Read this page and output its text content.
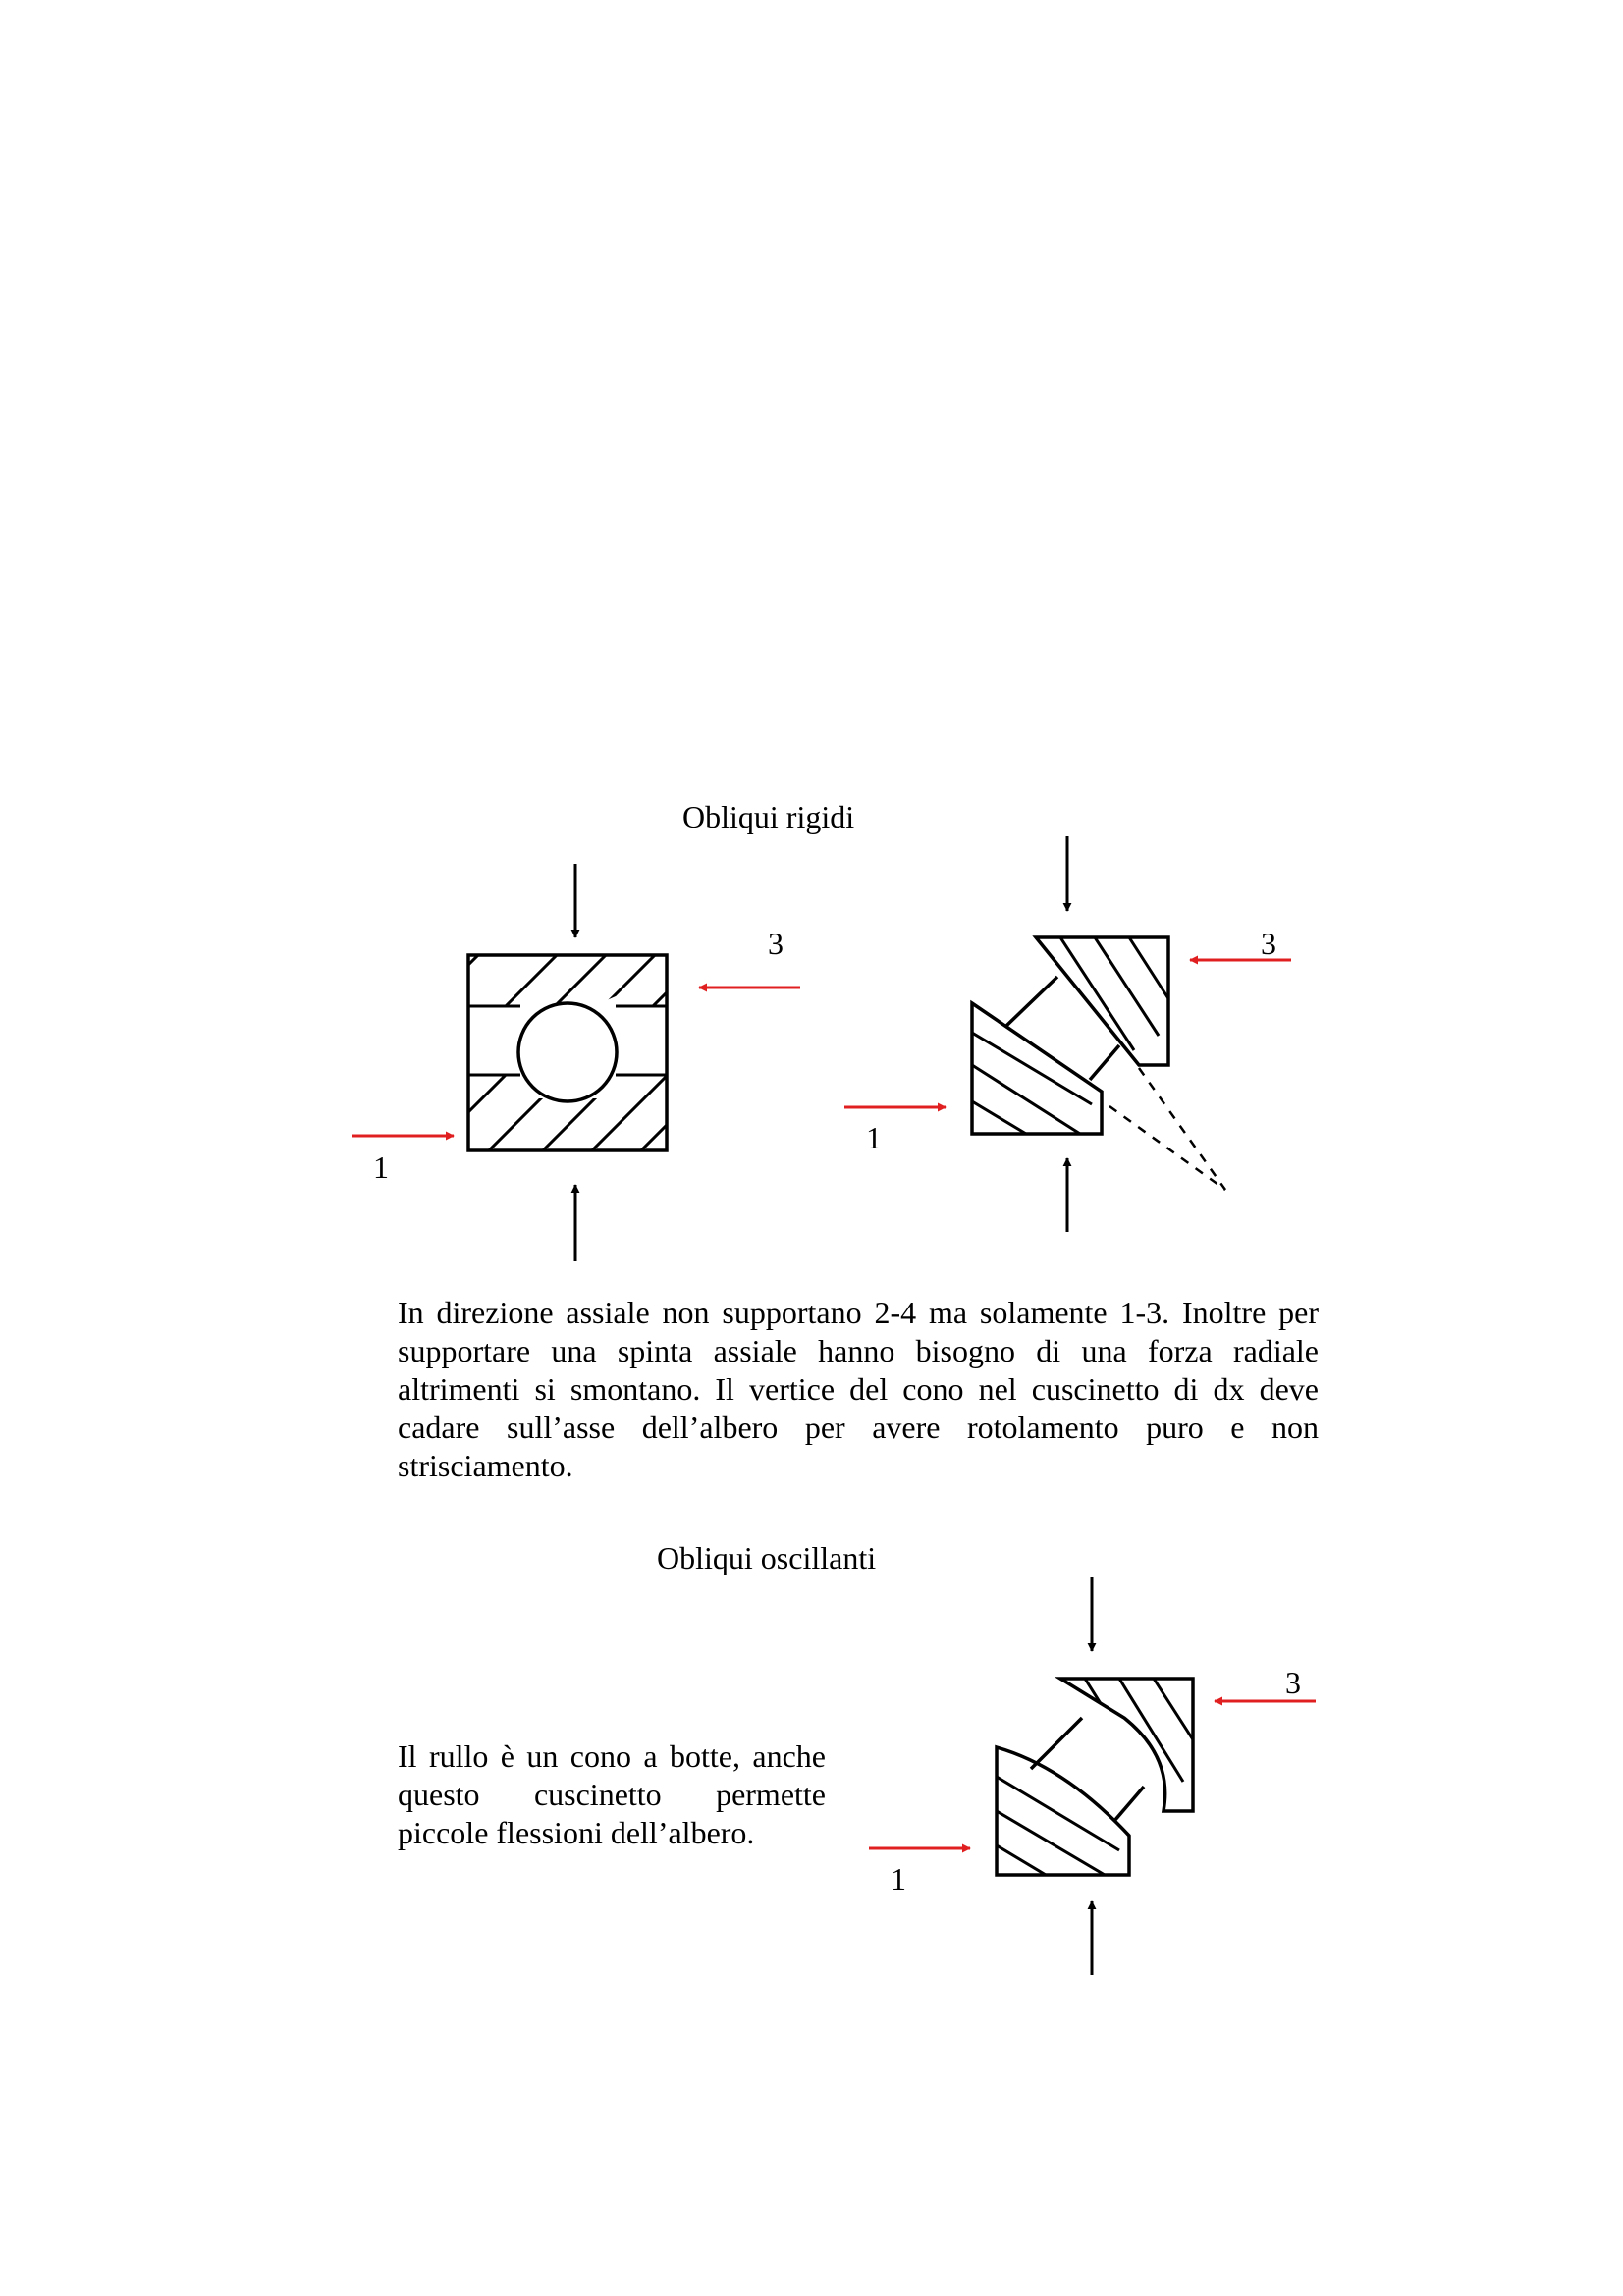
Obliqui rigidi
1
3
1
3
1
3
In direzione assiale non supportano 2-4 ma solamente 1-3. Inoltre per supportare una spinta assiale hanno bisogno di una forza radiale altrimenti si smontano. Il vertice del cono nel cuscinetto di dx deve cadare sull’asse dell’albero per avere rotolamento puro e non strisciamento.
Obliqui oscillanti
Il rullo è un cono a botte, anche questo cuscinetto permette piccole flessioni dell’albero.
